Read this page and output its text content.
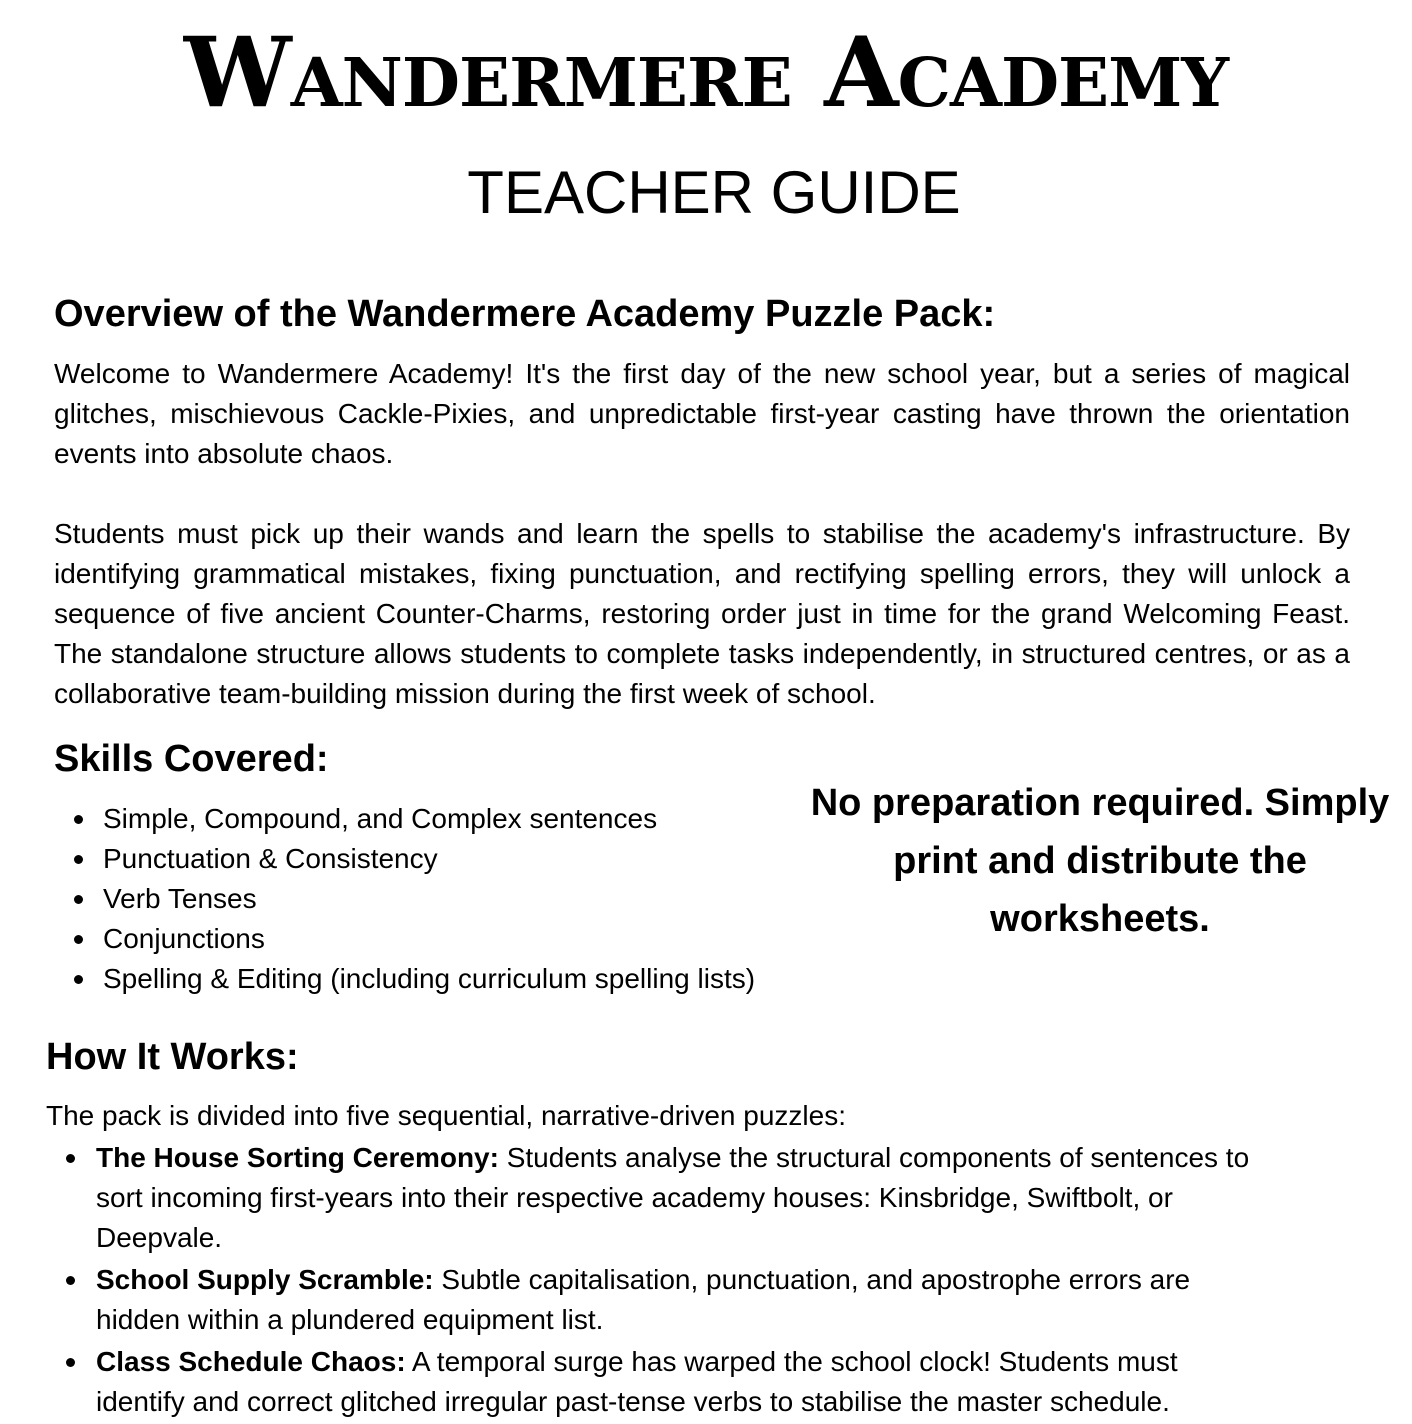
Wandermere Academy
TEACHER GUIDE
Overview of the Wandermere Academy Puzzle Pack:

Welcome to Wandermere Academy! It's the first day of the new school year, but a series of magical glitches, mischievous Cackle-Pixies, and unpredictable first-year casting have thrown the orientation events into absolute chaos.

Students must pick up their wands and learn the spells to stabilise the academy's infrastructure. By identifying grammatical mistakes, fixing punctuation, and rectifying spelling errors, they will unlock a sequence of five ancient Counter-Charms, restoring order just in time for the grand Welcoming Feast. The standalone structure allows students to complete tasks independently, in structured centres, or as a collaborative team-building mission during the first week of school.

Skills Covered:
Simple, Compound, and Complex sentences
Punctuation & Consistency
Verb Tenses
Conjunctions
Spelling & Editing (including curriculum spelling lists)

No preparation required. Simply print and distribute the worksheets.

How It Works:

The pack is divided into five sequential, narrative-driven puzzles:

The House Sorting Ceremony: Students analyse the structural components of sentences to sort incoming first-years into their respective academy houses: Kinsbridge, Swiftbolt, or Deepvale.
School Supply Scramble: Subtle capitalisation, punctuation, and apostrophe errors are hidden within a plundered equipment list.
Class Schedule Chaos: A temporal surge has warped the school clock! Students must identify and correct glitched irregular past-tense verbs to stabilise the master schedule.
